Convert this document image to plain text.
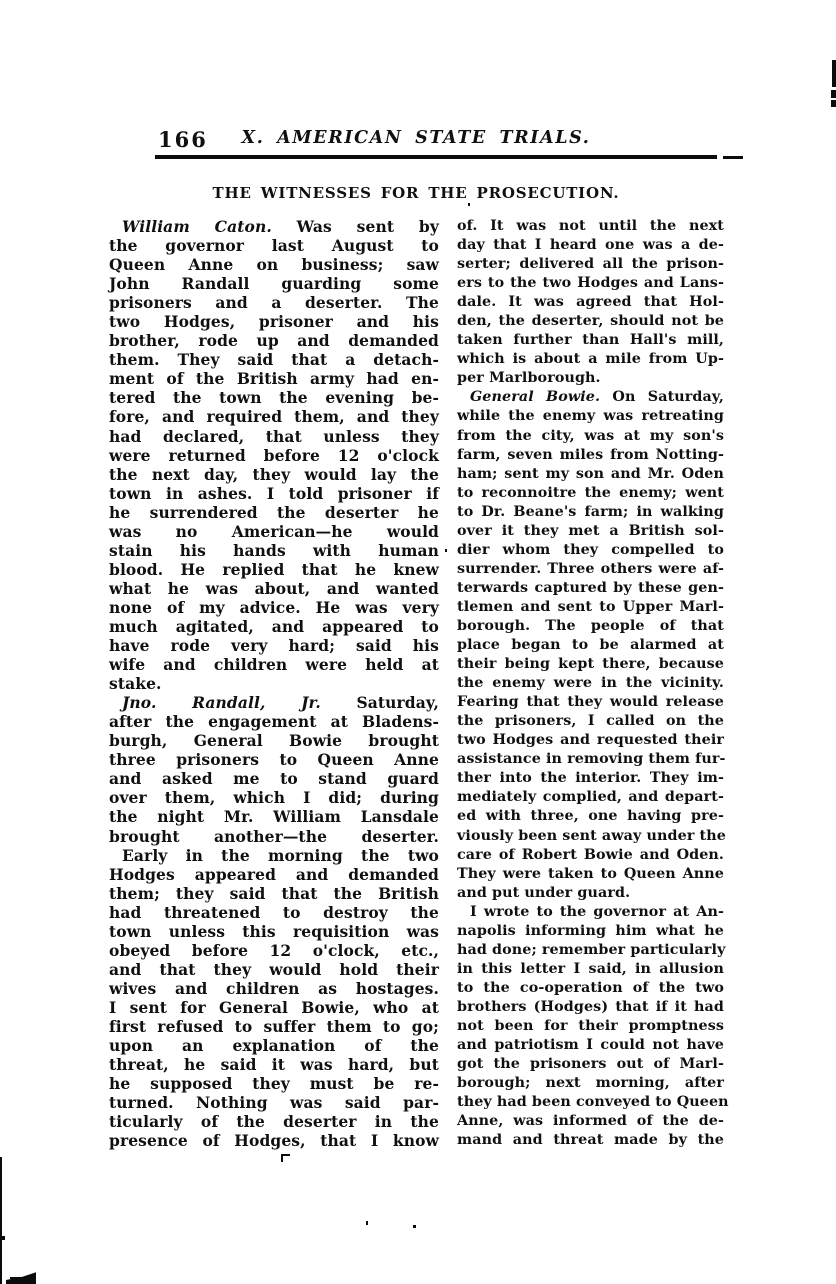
166	X. AMERICAN STATE TRIALS.
THE WITNESSES FOR THE PROSECUTION.
William Caton. Was sent by
the governor last August to
Queen Anne on business; saw
John Randall guarding some
prisoners and a deserter. The
two Hodges, prisoner and his
brother, rode up and demanded
them. They said that a detach-
ment of the British army had en-
tered the town the evening be-
fore, and required them, and they
had declared, that unless they
were returned before 12 o'clock
the next day, they would lay the
town in ashes. I told prisoner if
he surrendered the deserter he
was no American—he would
stain his hands with human
blood. He replied that he knew
what he was about, and wanted
none of my advice. He was very
much agitated, and appeared to
have rode very hard; said his
wife and children were held at
stake.
Jno. Randall, Jr. Saturday,
after the engagement at Bladens-
burgh, General Bowie brought
three prisoners to Queen Anne
and asked me to stand guard
over them, which I did; during
the night Mr. William Lansdale
brought another—the deserter.
Early in the morning the two
Hodges appeared and demanded
them; they said that the British
had threatened to destroy the
town unless this requisition was
obeyed before 12 o'clock, etc.,
and that they would hold their
wives and children as hostages.
I sent for General Bowie, who at
first refused to suffer them to go;
upon an explanation of the
threat, he said it was hard, but
he supposed they must be re-
turned. Nothing was said par-
ticularly of the deserter in the
presence of Hodges, that I know
of. It was not until the next
day that I heard one was a de-
serter; delivered all the prison-
ers to the two Hodges and Lans-
dale. It was agreed that Hol-
den, the deserter, should not be
taken further than Hall's mill,
which is about a mile from Up-
per Marlborough.
General Bowie. On Saturday,
while the enemy was retreating
from the city, was at my son's
farm, seven miles from Notting-
ham; sent my son and Mr. Oden
to reconnoitre the enemy; went
to Dr. Beane's farm; in walking
over it they met a British sol-
dier whom they compelled to
surrender. Three others were af-
terwards captured by these gen-
tlemen and sent to Upper Marl-
borough. The people of that
place began to be alarmed at
their being kept there, because
the enemy were in the vicinity.
Fearing that they would release
the prisoners, I called on the
two Hodges and requested their
assistance in removing them fur-
ther into the interior. They im-
mediately complied, and depart-
ed with three, one having pre-
viously been sent away under the
care of Robert Bowie and Oden.
They were taken to Queen Anne
and put under guard.
I wrote to the governor at An-
napolis informing him what he
had done; remember particularly
in this letter I said, in allusion
to the co-operation of the two
brothers (Hodges) that if it had
not been for their promptness
and patriotism I could not have
got the prisoners out of Marl-
borough; next morning, after
they had been conveyed to Queen
Anne, was informed of the de-
mand and threat made by the
